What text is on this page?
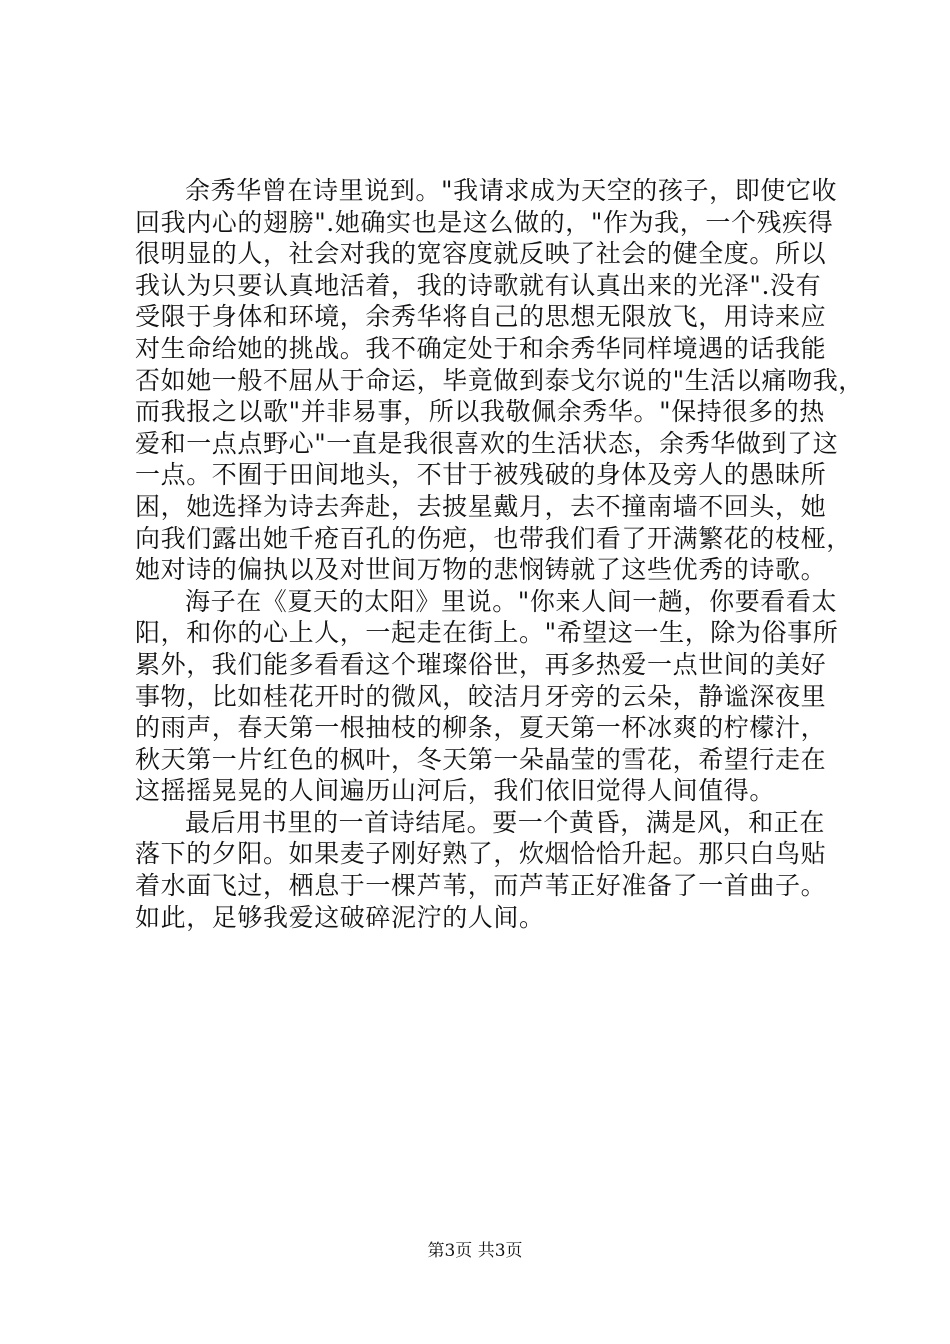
余秀华曾在诗里说到。"我请求成为天空的孩子，即使它收
回我内心的翅膀".她确实也是这么做的，"作为我，一个残疾得
很明显的人，社会对我的宽容度就反映了社会的健全度。所以
我认为只要认真地活着，我的诗歌就有认真出来的光泽".没有
受限于身体和环境，余秀华将自己的思想无限放飞，用诗来应
对生命给她的挑战。我不确定处于和余秀华同样境遇的话我能
否如她一般不屈从于命运，毕竟做到泰戈尔说的"生活以痛吻我，
而我报之以歌"并非易事，所以我敬佩余秀华。"保持很多的热
爱和一点点野心"一直是我很喜欢的生活状态，余秀华做到了这
一点。不囿于田间地头，不甘于被残破的身体及旁人的愚昧所
困，她选择为诗去奔赴，去披星戴月，去不撞南墙不回头，她
向我们露出她千疮百孔的伤疤，也带我们看了开满繁花的枝桠，
她对诗的偏执以及对世间万物的悲悯铸就了这些优秀的诗歌。
海子在《夏天的太阳》里说。"你来人间一趟，你要看看太
阳，和你的心上人，一起走在街上。"希望这一生，除为俗事所
累外，我们能多看看这个璀璨俗世，再多热爱一点世间的美好
事物，比如桂花开时的微风，皎洁月牙旁的云朵，静谧深夜里
的雨声，春天第一根抽枝的柳条，夏天第一杯冰爽的柠檬汁，
秋天第一片红色的枫叶，冬天第一朵晶莹的雪花，希望行走在
这摇摇晃晃的人间遍历山河后，我们依旧觉得人间值得。
最后用书里的一首诗结尾。要一个黄昏，满是风，和正在
落下的夕阳。如果麦子刚好熟了，炊烟恰恰升起。那只白鸟贴
着水面飞过，栖息于一棵芦苇，而芦苇正好准备了一首曲子。
如此，足够我爱这破碎泥泞的人间。
第3页 共3页
